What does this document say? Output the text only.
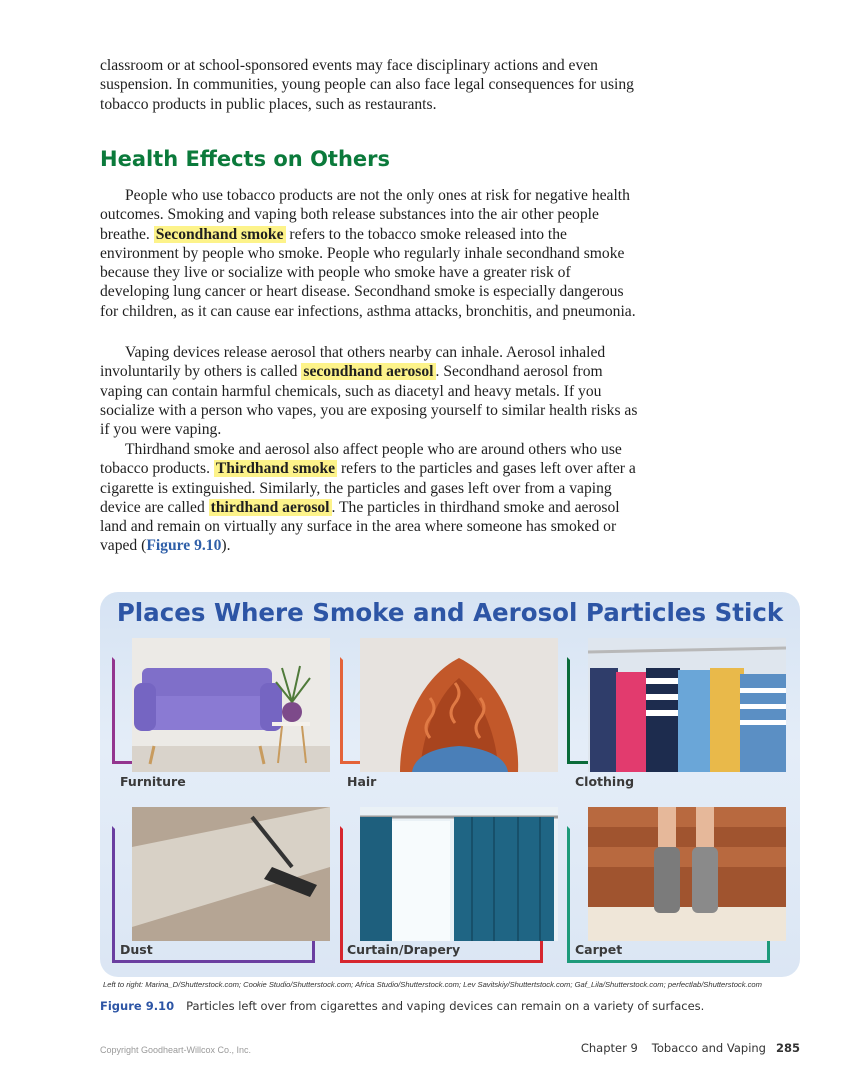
classroom or at school-sponsored events may face disciplinary actions and even suspension. In communities, young people can also face legal consequences for using tobacco products in public places, such as restaurants.

Health Effects on Others

People who use tobacco products are not the only ones at risk for negative health outcomes. Smoking and vaping both release substances into the air other people breathe. Secondhand smoke refers to the tobacco smoke released into the environment by people who smoke. People who regularly inhale secondhand smoke because they live or socialize with people who smoke have a greater risk of developing lung cancer or heart disease. Secondhand smoke is especially dangerous for children, as it can cause ear infections, asthma attacks, bronchitis, and pneumonia.

Vaping devices release aerosol that others nearby can inhale. Aerosol inhaled involuntarily by others is called secondhand aerosol . Secondhand aerosol from vaping can contain harmful chemicals, such as diacetyl and heavy metals. If you socialize with a person who vapes, you are exposing yourself to similar health risks as if you were vaping.

Thirdhand smoke and aerosol also affect people who are around others who use tobacco products. Thirdhand smoke refers to the particles and gases left over after a cigarette is extinguished. Similarly, the particles and gases left over from a vaping device are called thirdhand aerosol . The particles in thirdhand smoke and aerosol land and remain on virtually any surface in the area where someone has smoked or vaped (Figure 9.10).

Places Where Smoke and Aerosol Particles Stick
Furniture	Hair	Clothing
Dust	Curtain/Drapery	Carpet
Left to right: Marina_D/Shutterstock.com; Cookie Studio/Shutterstock.com; Africa Studio/Shutterstock.com; Lev Savitskiy/Shuttertstock.com; Gaf_Lila/Shutterstock.com; perfectlab/Shutterstock.com
Figure 9.10 Particles left over from cigarettes and vaping devices can remain on a variety of surfaces.
Copyright Goodheart-Willcox Co., Inc.	Chapter 9 Tobacco and Vaping 285
